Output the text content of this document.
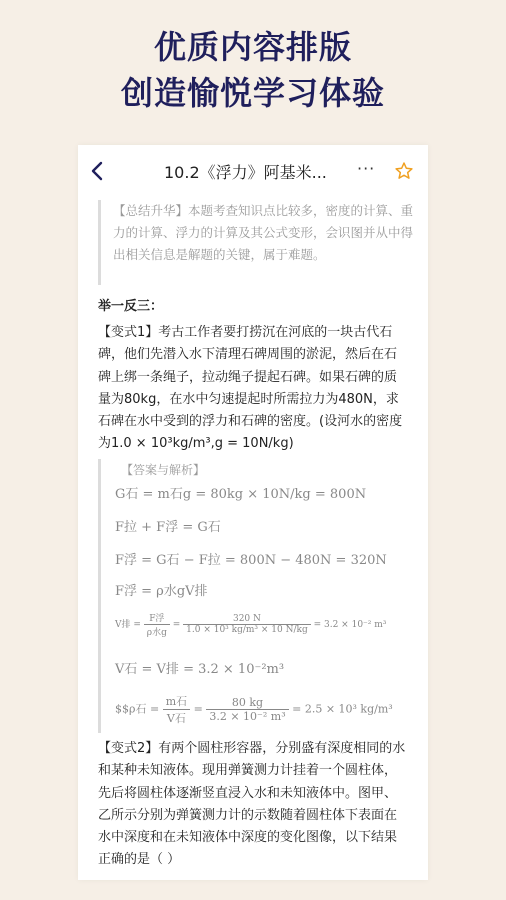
优质内容排版
创造愉悦学习体验
10.2《浮力》阿基米...	···

【总结升华】本题考查知识点比较多，密度的计算、重力的计算、浮力的计算及其公式变形，会识图并从中得出相关信息是解题的关键，属于难题。

举一反三：

【变式1】考古工作者要打捞沉在河底的一块古代石碑，他们先潜入水下清理石碑周围的淤泥，然后在石碑上绑一条绳子，拉动绳子提起石碑。如果石碑的质量为80kg，在水中匀速提起时所需拉力为480N，求石碑在水中受到的浮力和石碑的密度。(设河水的密度为1.0 × 10³kg/m³,g = 10N/kg)

【答案与解析】
G石 = m石g = 80kg × 10N/kg = 800N
F拉 + F浮 = G石
F浮 = G石 − F拉 = 800N − 480N = 320N
F浮 = ρ水gV排
V排 = $\frac{\text{F浮}}{\text{ρ水g}} = \frac{320 N}{\text{1.0 × 10³ kg/m³ × 10 N/kg}} = 3.2 \times 10^{-2}$ m³
V石 = V排 = 3.2 × 10⁻²m³
$$ρ石 = $\frac{\text{m石}}{\text{V石}} = \frac{80 kg}{\text{3.2 × 10⁻² m³}} = 2.5 \times 10^3$ kg/m³

【变式2】有两个圆柱形容器，分别盛有深度相同的水和某种未知液体。现用弹簧测力计挂着一个圆柱体，先后将圆柱体逐渐竖直浸入水和未知液体中。图甲、乙所示分别为弹簧测力计的示数随着圆柱体下表面在水中深度和在未知液体中深度的变化图像，以下结果正确的是（ ）
